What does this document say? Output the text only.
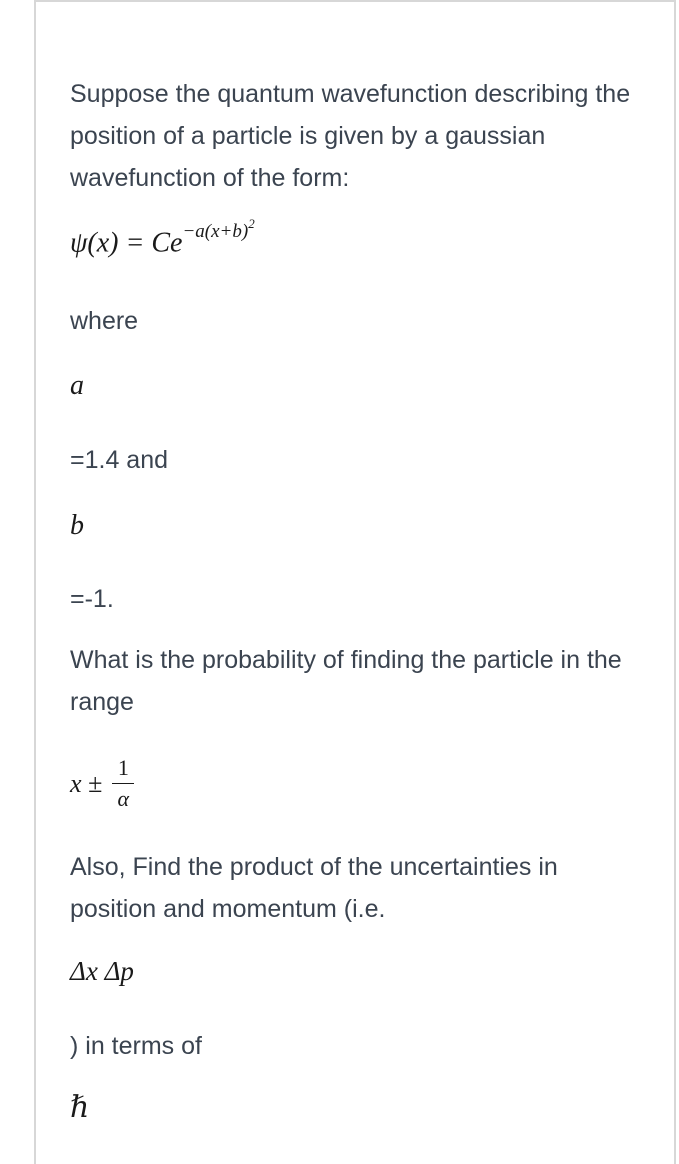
Suppose the quantum wavefunction describing the position of a particle is given by a gaussian wavefunction of the form:

$\psi(x) = Ce^{-a(x+b)^2}$

where

a

=1.4 and

b

=-1.

What is the probability of finding the particle in the range

$x \pm \frac{1}{\alpha}$

Also, Find the product of the uncertainties in position and momentum (i.e.

Δx Δp

) in terms of

ℏ
